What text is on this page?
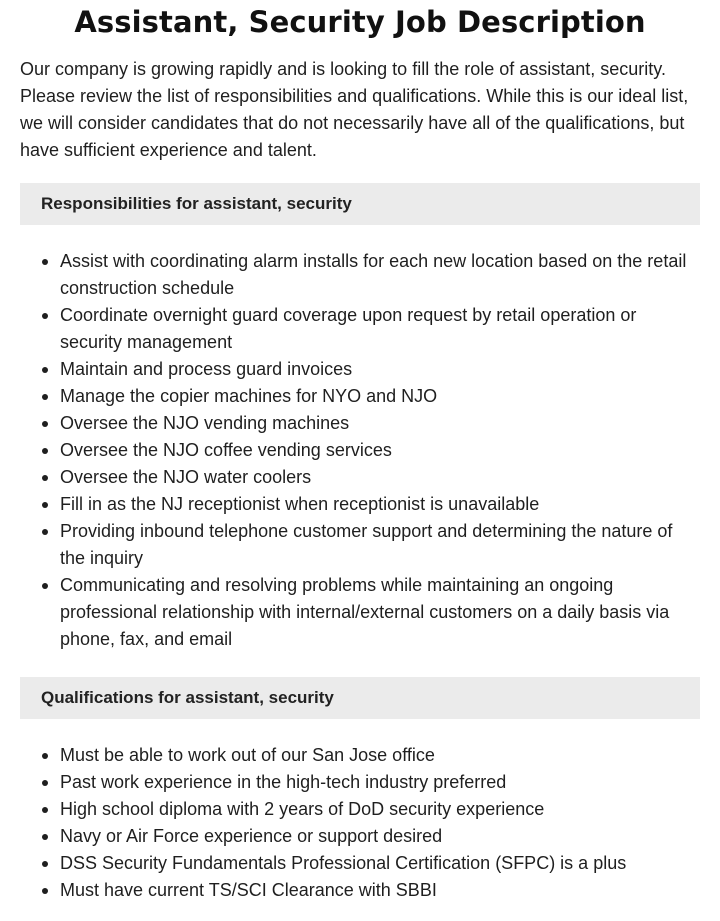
Assistant, Security Job Description

Our company is growing rapidly and is looking to fill the role of assistant, security. Please review the list of responsibilities and qualifications. While this is our ideal list, we will consider candidates that do not necessarily have all of the qualifications, but have sufficient experience and talent.

Responsibilities for assistant, security
Assist with coordinating alarm installs for each new location based on the retail construction schedule
Coordinate overnight guard coverage upon request by retail operation or security management
Maintain and process guard invoices
Manage the copier machines for NYO and NJO
Oversee the NJO vending machines
Oversee the NJO coffee vending services
Oversee the NJO water coolers
Fill in as the NJ receptionist when receptionist is unavailable
Providing inbound telephone customer support and determining the nature of the inquiry
Communicating and resolving problems while maintaining an ongoing professional relationship with internal/external customers on a daily basis via phone, fax, and email
Qualifications for assistant, security
Must be able to work out of our San Jose office
Past work experience in the high-tech industry preferred
High school diploma with 2 years of DoD security experience
Navy or Air Force experience or support desired
DSS Security Fundamentals Professional Certification (SFPC) is a plus
Must have current TS/SCI Clearance with SBBI
